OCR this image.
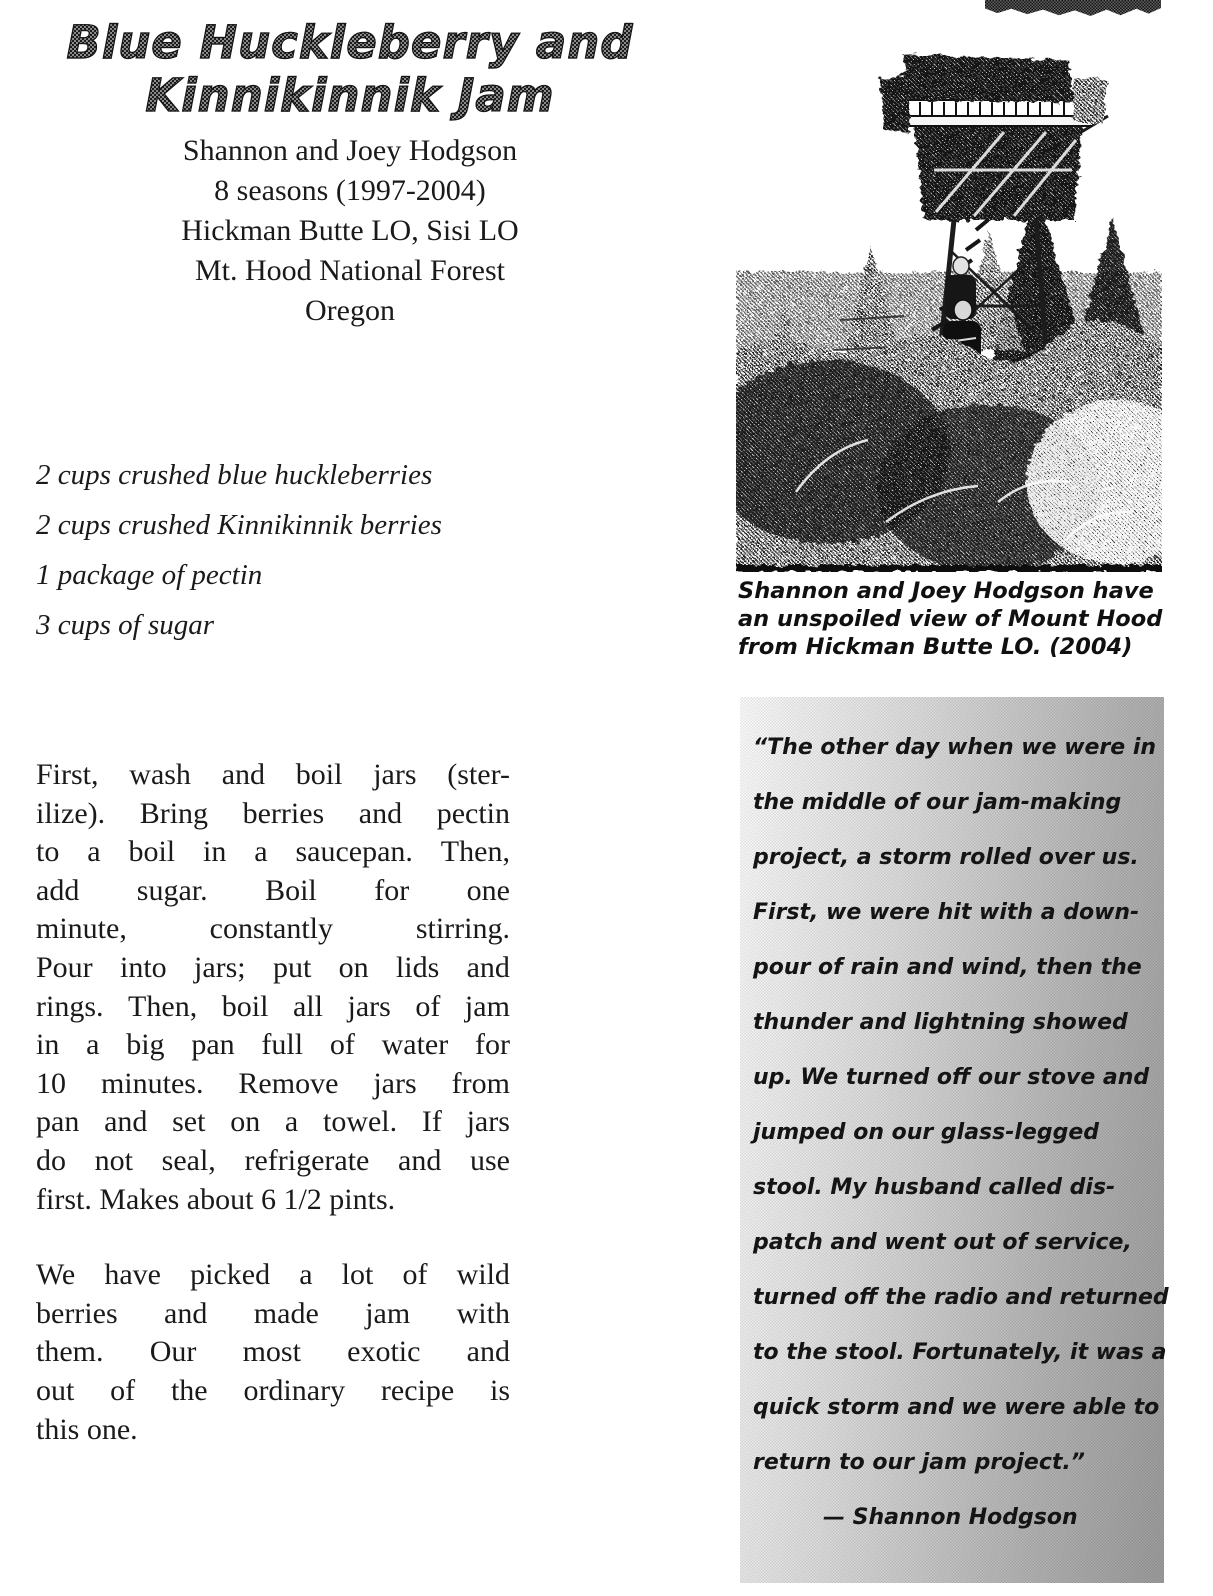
Blue Huckleberry and
Kinnikinnik Jam
Shannon and Joey Hodgson
8 seasons (1997-2004)
Hickman Butte LO, Sisi LO
Mt. Hood National Forest
Oregon
2 cups crushed blue huckleberries
2 cups crushed Kinnikinnik berries
1 package of pectin
3 cups of sugar
First, wash and boil jars (ster-
ilize). Bring berries and pectin
to a boil in a saucepan. Then,
add sugar. Boil for one
minute,	constantly	stirring.
Pour into jars; put on lids and
rings. Then, boil all jars of jam
in a big pan full of water for
10 minutes. Remove jars from
pan and set on a towel. If jars
do not seal, refrigerate and use
first. Makes about 6 1/2 pints.
We have picked a lot of wild
berries and made jam with
them. Our most exotic and
out of the ordinary recipe is
this one.
Shannon and Joey Hodgson have
an unspoiled view of Mount Hood
from Hickman Butte LO. (2004)
“The other day when we were in
the middle of our jam-making
project, a storm rolled over us.
First, we were hit with a down-
pour of rain and wind, then the
thunder and lightning showed
up. We turned off our stove and
jumped on our glass-legged
stool. My husband called dis-
patch and went out of service,
turned off the radio and returned
to the stool. Fortunately, it was a
quick storm and we were able to
return to our jam project.”
— Shannon Hodgson
